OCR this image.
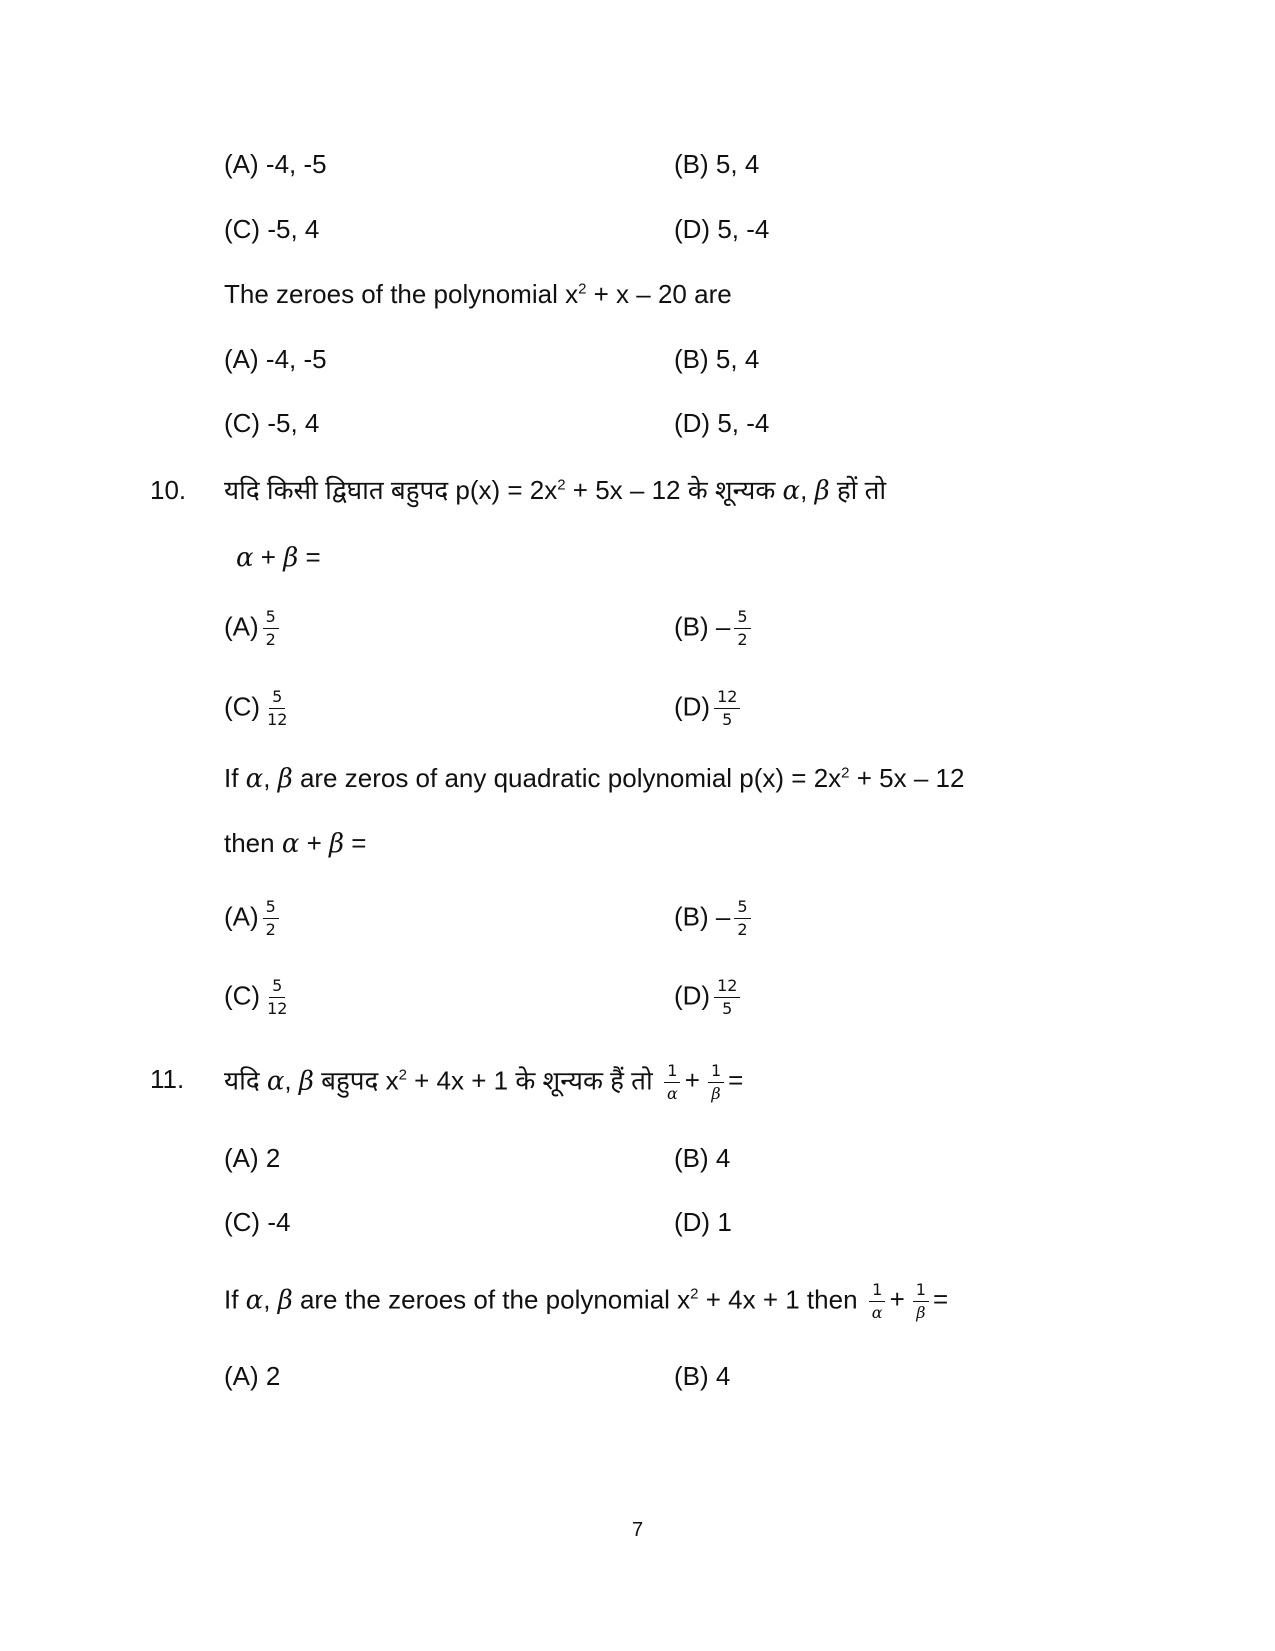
(A) -4, -5	(B) 5, 4
(C) -5, 4	(D) 5, -4
The zeroes of the polynomial $x^2 + x - 20$ are
(A) -4, -5	(B) 5, 4
(C) -5, 4	(D) 5, -4
10. यदि किसी द्विघात बहुपद $p(x) = 2x^2 + 5x - 12$ के शून्यक α, β हों तो
α + β =
$(A) \frac{5}{2}$	$(B) - \frac{5}{2}$
$(C) \frac{5}{12}$	$(D) \frac{12}{5}$
If α, β are zeros of any quadratic polynomial $p(x) = 2x^2 + 5x - 12$
then α + β =
$(A) \frac{5}{2}$	$(B) - \frac{5}{2}$
$(C) \frac{5}{12}$	$(D) \frac{12}{5}$
11. यदि α, β बहुपद $x^2 + 4x + 1$ के शून्यक हैं तो $\frac{1}{\alpha} + \frac{1}{\beta}$ =
(A) 2	(B) 4
(C) -4	(D) 1
If α, β are the zeroes of the polynomial $x^2 + 4x + 1$ then $\frac{1}{\alpha} + \frac{1}{\beta}$ =
(A) 2	(B) 4
7
